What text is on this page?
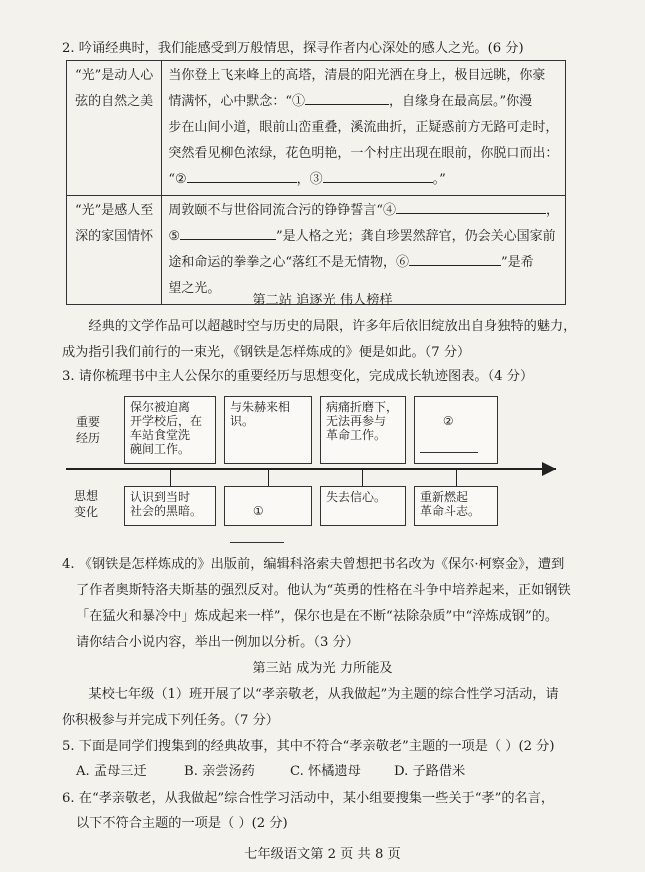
2. 吟诵经典时，我们能感受到万般情思，探寻作者内心深处的感人之光。(6 分)
“光”是动人心
弦的自然之美	当你登上飞来峰上的高塔，清晨的阳光洒在身上，极目远眺，你豪
情满怀，心中默念：“① ，自缘身在最高层。”你漫
步在山间小道，眼前山峦重叠，溪流曲折，正疑惑前方无路可走时，
突然看见柳色浓绿，花色明艳，一个村庄出现在眼前，你脱口而出：
“② ，③ 。”

“光”是感人至
深的家国情怀	周敦颐不与世俗同流合污的铮铮誓言“④ ，
⑤ ”是人格之光；龚自珍罢然辞官，仍会关心国家前
途和命运的拳拳之心“落红不是无情物，⑥ ”是希
望之光。
第二站 追逐光 伟人榜样
经典的文学作品可以超越时空与历史的局限，许多年后依旧绽放出自身独特的魅力，
成为指引我们前行的一束光，《钢铁是怎样炼成的》便是如此。（7 分）
3. 请你梳理书中主人公保尔的重要经历与思想变化，完成成长轨迹图表。（4 分）
重要
经历
思想
变化
保尔被迫离
开学校后，在
车站食堂洗
碗间工作。
与朱赫来相
识。
病痛折磨下，
无法再参与
革命工作。

②

认识到当时
社会的黑暗。	①

失去信心。	重新燃起
革命斗志。
4. 《钢铁是怎样炼成的》出版前，编辑科洛索夫曾想把书名改为《保尔·柯察金》，遭到
了作者奥斯特洛夫斯基的强烈反对。他认为“英勇的性格在斗争中培养起来，正如钢铁
「在猛火和暴冷中」炼成起来一样”，保尔也是在不断“祛除杂质”中“淬炼成钢”的。
请你结合小说内容，举出一例加以分析。（3 分）
第三站 成为光 力所能及
某校七年级（1）班开展了以“孝亲敬老，从我做起”为主题的综合性学习活动，请
你积极参与并完成下列任务。（7 分）
5. 下面是同学们搜集到的经典故事，其中不符合“孝亲敬老”主题的一项是（ ）(2 分)
A. 孟母三迁	B. 亲尝汤药	C. 怀橘遗母	D. 子路借米
6. 在“孝亲敬老，从我做起”综合性学习活动中，某小组要搜集一些关于“孝”的名言，
以下不符合主题的一项是（ ）(2 分)
七年级语文第 2 页 共 8 页
